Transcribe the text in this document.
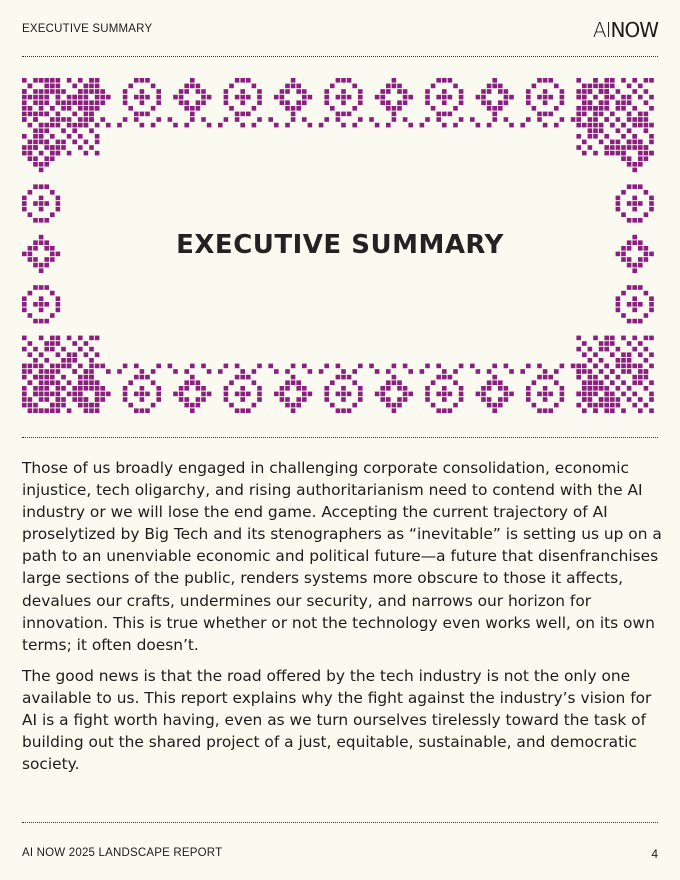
EXECUTIVE SUMMARY	AINOW
EXECUTIVE SUMMARY

Those of us broadly engaged in challenging corporate consolidation, economic injustice, tech oligarchy, and rising authoritarianism need to contend with the AI industry or we will lose the end game. Accepting the current trajectory of AI proselytized by Big Tech and its stenographers as “inevitable” is setting us up on a path to an unenviable economic and political future—a future that disenfranchises large sections of the public, renders systems more obscure to those it affects, devalues our crafts, undermines our security, and narrows our horizon for innovation. This is true whether or not the technology even works well, on its own terms; it often doesn’t.

The good news is that the road offered by the tech industry is not the only one available to us. This report explains why the fight against the industry’s vision for AI is a fight worth having, even as we turn ourselves tirelessly toward the task of building out the shared project of a just, equitable, sustainable, and democratic society.

AI NOW 2025 LANDSCAPE REPORT	4
